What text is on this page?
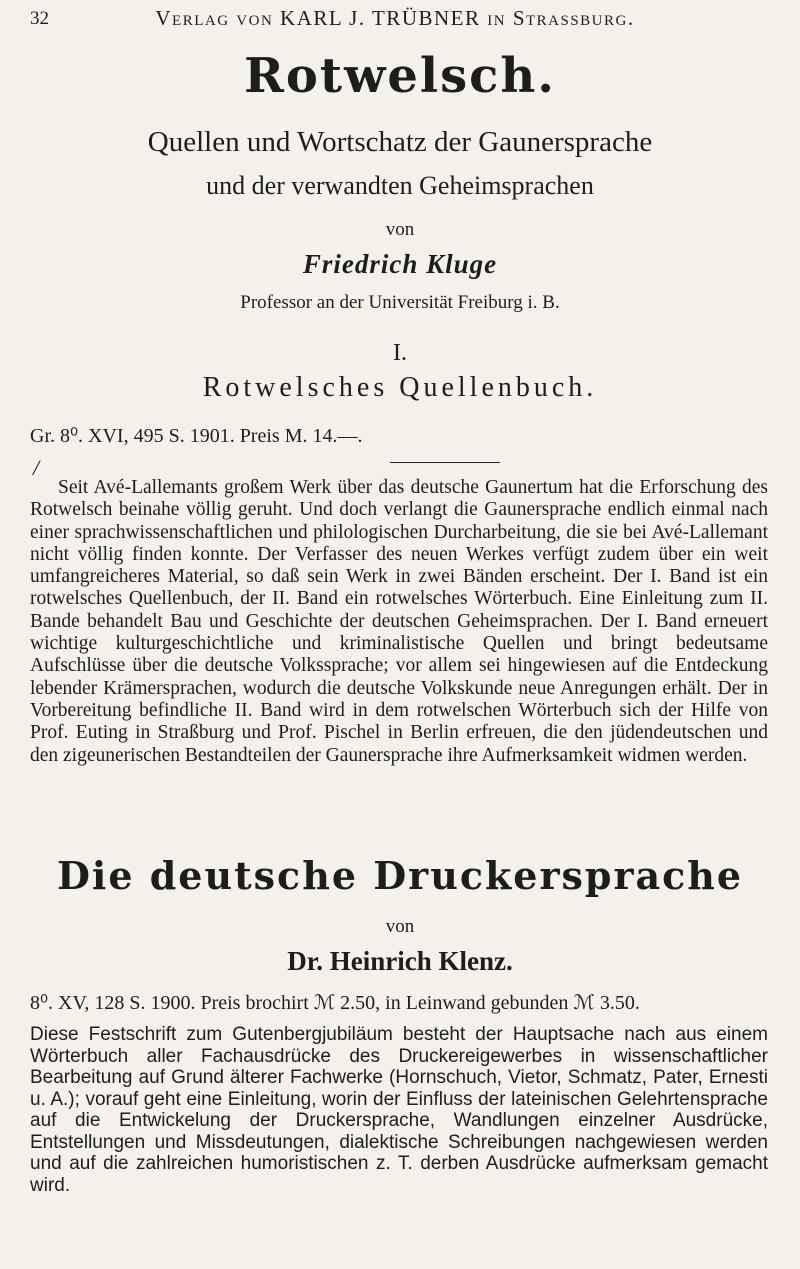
32	Verlag von KARL J. TRÜBNER in Strassburg.
Rotwelsch.
Quellen und Wortschatz der Gaunersprache
und der verwandten Geheimsprachen
von
Friedrich Kluge
Professor an der Universität Freiburg i. B.
I.
Rotwelsches Quellenbuch.
Gr. 8⁰. XVI, 495 S. 1901. Preis M. 14.—.
/
Seit Avé-Lallemants großem Werk über das deutsche Gaunertum hat die Erforschung des Rotwelsch beinahe völlig geruht. Und doch verlangt die Gaunersprache endlich einmal nach einer sprachwissenschaftlichen und philologischen Durcharbeitung, die sie bei Avé-Lallemant nicht völlig finden konnte. Der Verfasser des neuen Werkes verfügt zudem über ein weit umfangreicheres Material, so daß sein Werk in zwei Bänden erscheint. Der I. Band ist ein rotwelsches Quellenbuch, der II. Band ein rotwelsches Wörterbuch. Eine Einleitung zum II. Bande behandelt Bau und Geschichte der deutschen Geheimsprachen. Der I. Band erneuert wichtige kulturgeschichtliche und kriminalistische Quellen und bringt bedeutsame Aufschlüsse über die deutsche Volkssprache; vor allem sei hingewiesen auf die Entdeckung lebender Krämersprachen, wodurch die deutsche Volkskunde neue Anregungen erhält. Der in Vorbereitung befindliche II. Band wird in dem rotwelschen Wörterbuch sich der Hilfe von Prof. Euting in Straßburg und Prof. Pischel in Berlin erfreuen, die den jüdendeutschen und den zigeunerischen Bestandteilen der Gaunersprache ihre Aufmerksamkeit widmen werden.
Die deutsche Druckersprache
von
Dr. Heinrich Klenz.
8⁰. XV, 128 S. 1900. Preis brochirt ℳ 2.50, in Leinwand gebunden ℳ 3.50.
Diese Festschrift zum Gutenbergjubiläum besteht der Hauptsache nach aus einem Wörterbuch aller Fachausdrücke des Druckereigewerbes in wissenschaftlicher Bearbeitung auf Grund älterer Fachwerke (Hornschuch, Vietor, Schmatz, Pater, Ernesti u. A.); vorauf geht eine Einleitung, worin der Einfluss der lateinischen Gelehrtensprache auf die Entwickelung der Druckersprache, Wandlungen einzelner Ausdrücke, Entstellungen und Missdeutungen, dialektische Schreibungen nachgewiesen werden und auf die zahlreichen humoristischen z. T. derben Ausdrücke aufmerksam gemacht wird.
